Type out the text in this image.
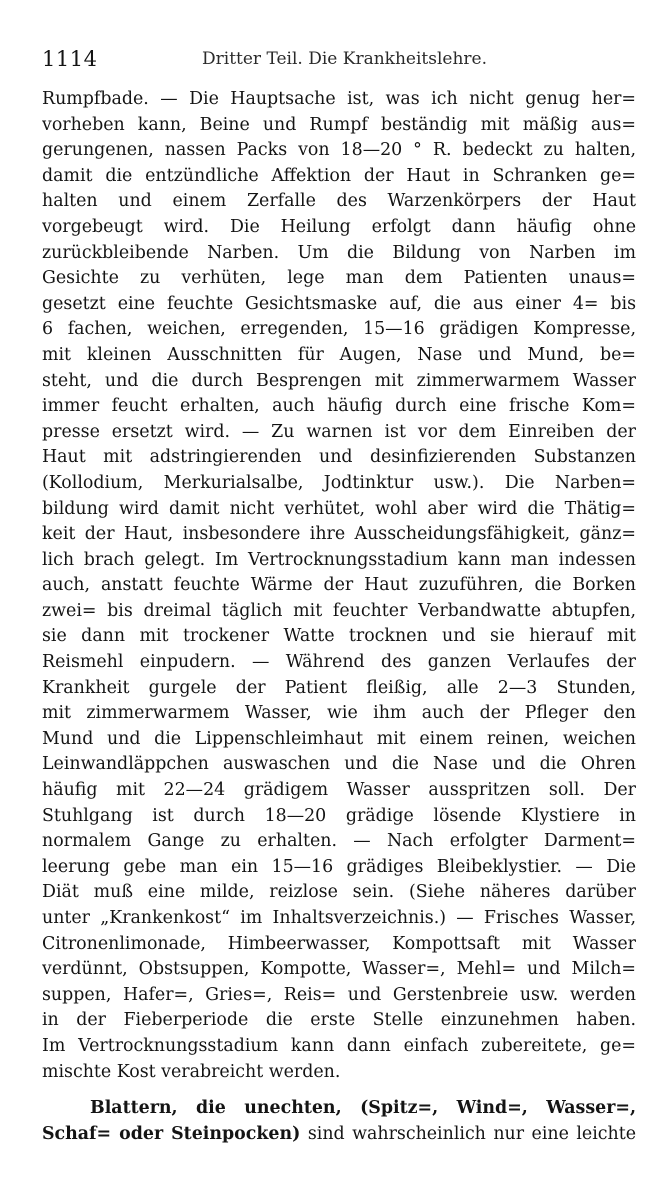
1114	Dritter Teil. Die Krankheitslehre.
Rumpfbade. — Die Hauptsache ist, was ich nicht genug her=
vorheben kann, Beine und Rumpf beständig mit mäßig aus=
gerungenen, nassen Packs von 18—20 ° R. bedeckt zu halten,
damit die entzündliche Affektion der Haut in Schranken ge=
halten und einem Zerfalle des Warzenkörpers der Haut
vorgebeugt wird. Die Heilung erfolgt dann häufig ohne
zurückbleibende Narben. Um die Bildung von Narben im
Gesichte zu verhüten, lege man dem Patienten unaus=
gesetzt eine feuchte Gesichtsmaske auf, die aus einer 4= bis
6 fachen, weichen, erregenden, 15—16 grädigen Kompresse,
mit kleinen Ausschnitten für Augen, Nase und Mund, be=
steht, und die durch Besprengen mit zimmerwarmem Wasser
immer feucht erhalten, auch häufig durch eine frische Kom=
presse ersetzt wird. — Zu warnen ist vor dem Einreiben der
Haut mit adstringierenden und desinfizierenden Substanzen
(Kollodium, Merkurialsalbe, Jodtinktur usw.). Die Narben=
bildung wird damit nicht verhütet, wohl aber wird die Thätig=
keit der Haut, insbesondere ihre Ausscheidungsfähigkeit, gänz=
lich brach gelegt. Im Vertrocknungsstadium kann man indessen
auch, anstatt feuchte Wärme der Haut zuzuführen, die Borken
zwei= bis dreimal täglich mit feuchter Verbandwatte abtupfen,
sie dann mit trockener Watte trocknen und sie hierauf mit
Reismehl einpudern. — Während des ganzen Verlaufes der
Krankheit gurgele der Patient fleißig, alle 2—3 Stunden,
mit zimmerwarmem Wasser, wie ihm auch der Pfleger den
Mund und die Lippenschleimhaut mit einem reinen, weichen
Leinwandläppchen auswaschen und die Nase und die Ohren
häufig mit 22—24 grädigem Wasser ausspritzen soll. Der
Stuhlgang ist durch 18—20 grädige lösende Klystiere in
normalem Gange zu erhalten. — Nach erfolgter Darment=
leerung gebe man ein 15—16 grädiges Bleibeklystier. — Die
Diät muß eine milde, reizlose sein. (Siehe näheres darüber
unter „Krankenkost“ im Inhaltsverzeichnis.) — Frisches Wasser,
Citronenlimonade, Himbeerwasser, Kompottsaft mit Wasser
verdünnt, Obstsuppen, Kompotte, Wasser=, Mehl= und Milch=
suppen, Hafer=, Gries=, Reis= und Gerstenbreie usw. werden
in der Fieberperiode die erste Stelle einzunehmen haben.
Im Vertrocknungsstadium kann dann einfach zubereitete, ge=
mischte Kost verabreicht werden.
Blattern, die unechten, (Spitz=, Wind=, Wasser=,
Schaf= oder Steinpocken) sind wahrscheinlich nur eine leichte
